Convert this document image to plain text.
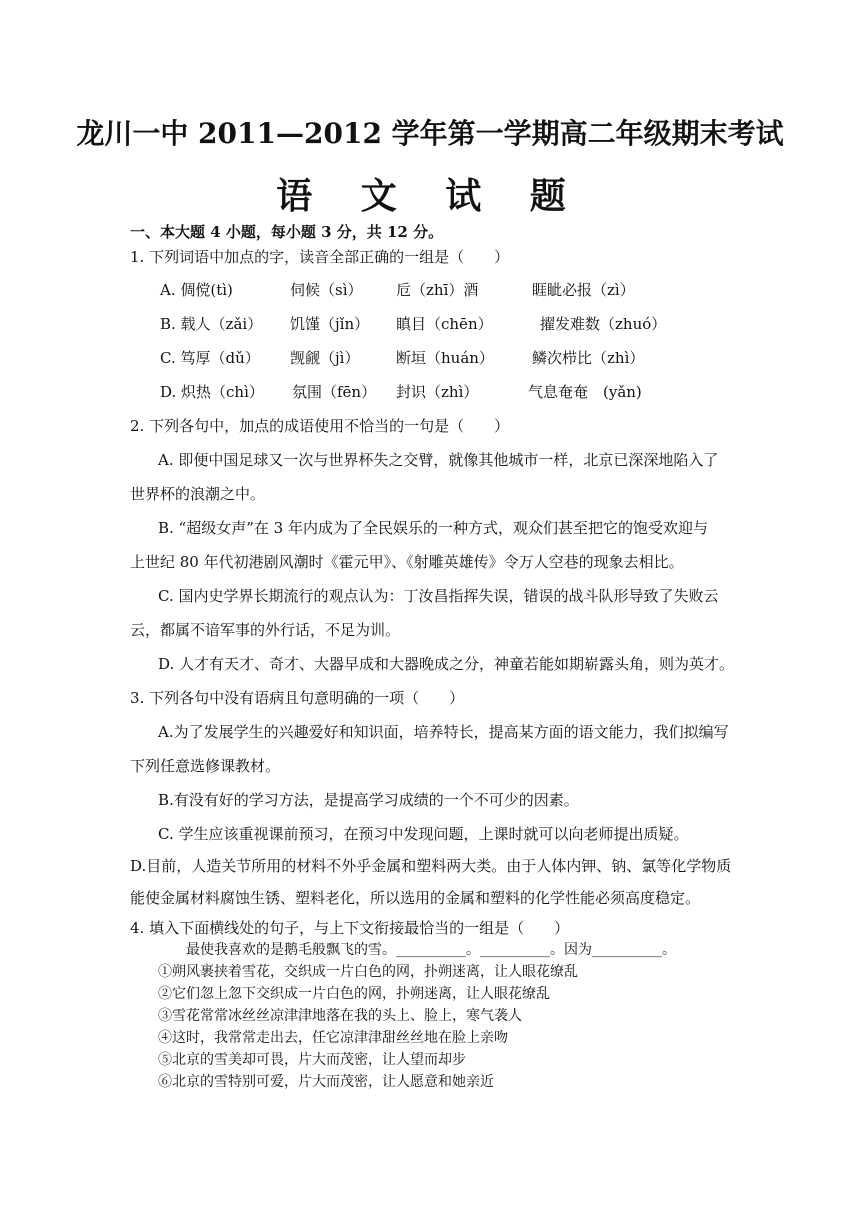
龙川一中 2011—2012 学年第一学期高二年级期末考试
语 文 试 题
一、本大题 4 小题，每小题 3 分，共 12 分。
1. 下列词语中加点的字，读音全部正确的一组是（　　）
A. 倜傥(tì)	伺候（sì） 卮（zhī）酒	睚眦必报（zì）
B. 载人（zǎi） 饥馑（jǐn） 瞋目（chēn）	擢发难数（zhuó）
C. 笃厚（dǔ） 觊觎（jì） 断垣（huán）	鳞次栉比（zhì）
D. 炽热（chì） 氛围（fēn） 封识（zhì）	气息奄奄　(yǎn)
2. 下列各句中，加点的成语使用不恰当的一句是（　　）
A. 即便中国足球又一次与世界杯失之交臂，就像其他城市一样，北京已深深地陷入了
世界杯的浪潮之中。
B. “超级女声”在 3 年内成为了全民娱乐的一种方式，观众们甚至把它的饱受欢迎与
上世纪 80 年代初港剧风潮时《霍元甲》、《射雕英雄传》令万人空巷的现象去相比。
C. 国内史学界长期流行的观点认为：丁汝昌指挥失误，错误的战斗队形导致了失败云
云，都属不谙军事的外行话，不足为训。
D. 人才有天才、奇才、大器早成和大器晚成之分，神童若能如期崭露头角，则为英才。
3. 下列各句中没有语病且句意明确的一项（　　）
A.为了发展学生的兴趣爱好和知识面，培养特长，提高某方面的语文能力，我们拟编写
下列任意选修课教材。
B.有没有好的学习方法，是提高学习成绩的一个不可少的因素。
C. 学生应该重视课前预习，在预习中发现问题，上课时就可以向老师提出质疑。
D.目前，人造关节所用的材料不外乎金属和塑料两大类。由于人体内钾、钠、氯等化学物质
能使金属材料腐蚀生锈、塑料老化，所以选用的金属和塑料的化学性能必须高度稳定。
4. 填入下面横线处的句子，与上下文衔接最恰当的一组是（　　）
最使我喜欢的是鹅毛般飘飞的雪。__________。__________。因为__________。
①朔风裹挟着雪花，交织成一片白色的网，扑朔迷离，让人眼花缭乱
②它们忽上忽下交织成一片白色的网，扑朔迷离，让人眼花缭乱
③雪花常常冰丝丝凉津津地落在我的头上、脸上，寒气袭人
④这时，我常常走出去，任它凉津津甜丝丝地在脸上亲吻
⑤北京的雪美却可畏，片大而茂密，让人望而却步
⑥北京的雪特别可爱，片大而茂密，让人愿意和她亲近
